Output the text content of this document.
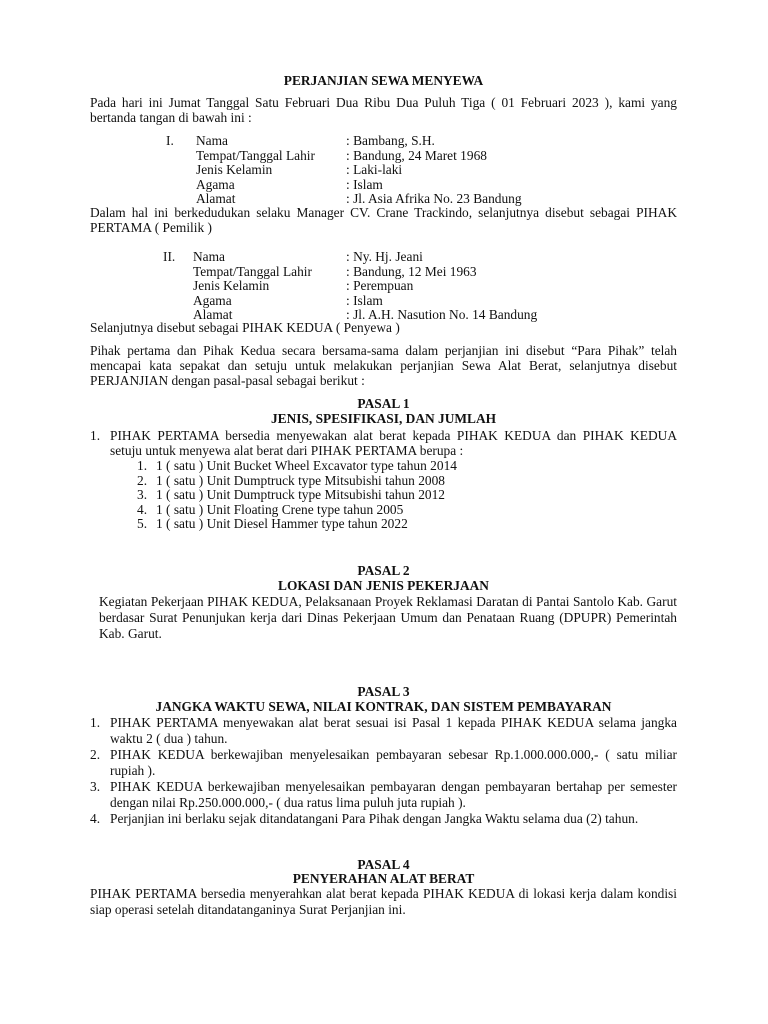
PERJANJIAN SEWA MENYEWA

Pada hari ini Jumat Tanggal Satu Februari Dua Ribu Dua Puluh Tiga ( 01 Februari 2023 ), kami yang bertanda tangan di bawah ini :

I.	Nama	: Bambang, S.H.
Tempat/Tanggal Lahir	: Bandung, 24 Maret 1968
Jenis Kelamin	: Laki-laki
Agama	: Islam
Alamat	: Jl. Asia Afrika No. 23 Bandung

Dalam hal ini berkedudukan selaku Manager CV. Crane Trackindo, selanjutnya disebut sebagai PIHAK PERTAMA ( Pemilik )

II.	Nama	: Ny. Hj. Jeani
Tempat/Tanggal Lahir	: Bandung, 12 Mei 1963
Jenis Kelamin	: Perempuan
Agama	: Islam
Alamat	: Jl. A.H. Nasution No. 14 Bandung

Selanjutnya disebut sebagai PIHAK KEDUA ( Penyewa )

Pihak pertama dan Pihak Kedua secara bersama-sama dalam perjanjian ini disebut “Para Pihak” telah mencapai kata sepakat dan setuju untuk melakukan perjanjian Sewa Alat Berat, selanjutnya disebut PERJANJIAN dengan pasal-pasal sebagai berikut :

PASAL 1
JENIS, SPESIFIKASI, DAN JUMLAH
1. PIHAK PERTAMA bersedia menyewakan alat berat kepada PIHAK KEDUA dan PIHAK KEDUA setuju untuk menyewa alat berat dari PIHAK PERTAMA berupa :

1. 1 ( satu ) Unit Bucket Wheel Excavator type tahun 2014
2. 1 ( satu ) Unit Dumptruck type Mitsubishi tahun 2008
3. 1 ( satu ) Unit Dumptruck type Mitsubishi tahun 2012
4. 1 ( satu ) Unit Floating Crene type tahun 2005
5. 1 ( satu ) Unit Diesel Hammer type tahun 2022
PASAL 2
LOKASI DAN JENIS PEKERJAAN

Kegiatan Pekerjaan PIHAK KEDUA, Pelaksanaan Proyek Reklamasi Daratan di Pantai Santolo Kab. Garut berdasar Surat Penunjukan kerja dari Dinas Pekerjaan Umum dan Penataan Ruang (DPUPR) Pemerintah Kab. Garut.

PASAL 3
JANGKA WAKTU SEWA, NILAI KONTRAK, DAN SISTEM PEMBAYARAN
1. PIHAK PERTAMA menyewakan alat berat sesuai isi Pasal 1 kepada PIHAK KEDUA selama jangka waktu 2 ( dua ) tahun.

2. PIHAK KEDUA berkewajiban menyelesaikan pembayaran sebesar Rp.1.000.000.000,- ( satu miliar rupiah ).

3. PIHAK KEDUA berkewajiban menyelesaikan pembayaran dengan pembayaran bertahap per semester dengan nilai Rp.250.000.000,- ( dua ratus lima puluh juta rupiah ).

4. Perjanjian ini berlaku sejak ditandatangani Para Pihak dengan Jangka Waktu selama dua (2) tahun.

PASAL 4
PENYERAHAN ALAT BERAT

PIHAK PERTAMA bersedia menyerahkan alat berat kepada PIHAK KEDUA di lokasi kerja dalam kondisi siap operasi setelah ditandatanganinya Surat Perjanjian ini.
